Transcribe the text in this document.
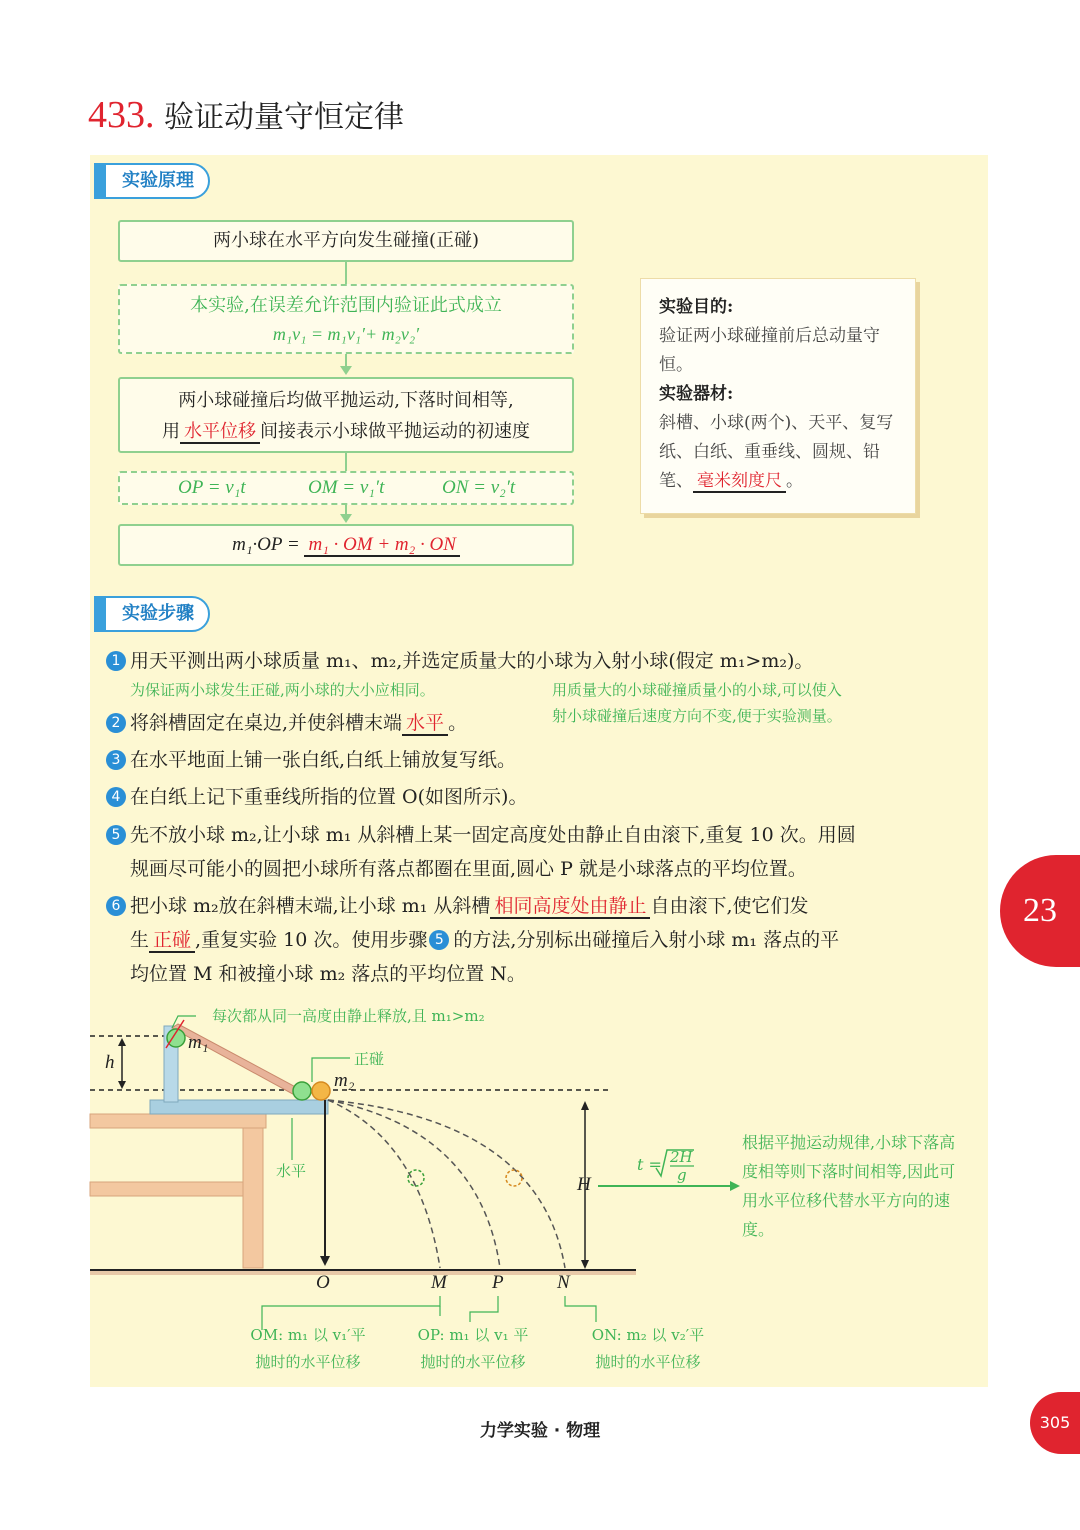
433. 验证动量守恒定律
实验原理
两小球在水平方向发生碰撞(正碰)
本实验,在误差允许范围内验证此式成立
m₁v₁ = m₁v₁′+ m₂v₂′
两小球碰撞后均做平抛运动,下落时间相等,
用 水平位移 间接表示小球做平抛运动的初速度
OP = v₁t	OM = v₁′t	ON = v₂′t
m₁·OP = m₁ · OM + m₂ · ON
实验目的:
验证两小球碰撞前后总动量守恒。
实验器材:
斜槽、小球(两个)、天平、复写纸、白纸、重垂线、圆规、铅笔、 毫米刻度尺 。
实验步骤
1 用天平测出两小球质量 m₁、m₂,并选定质量大的小球为入射小球(假定 m₁>m₂)。
为保证两小球发生正碰,两小球的大小应相同。	用质量大的小球碰撞质量小的小球,可以使入
射小球碰撞后速度方向不变,便于实验测量。
2 将斜槽固定在桌边,并使斜槽末端 水平 。
3 在水平地面上铺一张白纸,白纸上铺放复写纸。
4 在白纸上记下重垂线所指的位置 O(如图所示)。
5 先不放小球 m₂,让小球 m₁ 从斜槽上某一固定高度处由静止自由滚下,重复 10 次。用圆
规画尽可能小的圆把小球所有落点都圈在里面,圆心 P 就是小球落点的平均位置。
6 把小球 m₂放在斜槽末端,让小球 m₁ 从斜槽 相同高度处由静止 自由滚下,使它们发
生 正碰 ,重复实验 10 次。使用步骤 5 的方法,分别标出碰撞后入射小球 m₁ 落点的平
均位置 M 和被撞小球 m₂ 落点的平均位置 N。
每次都从同一高度由静止释放,且 m₁>m₂
正碰
水平
m₁
m₂
h
H
O	M P	N
t = 2H
g
根据平抛运动规律,小球下落高度相等则下落时间相等,因此可用水平位移代替水平方向的速度。
OM: m₁ 以 v₁′平
抛时的水平位移
OP: m₁ 以 v₁ 平
抛时的水平位移
ON: m₂ 以 v₂′平
抛时的水平位移
23
力学实验 · 物理	305
